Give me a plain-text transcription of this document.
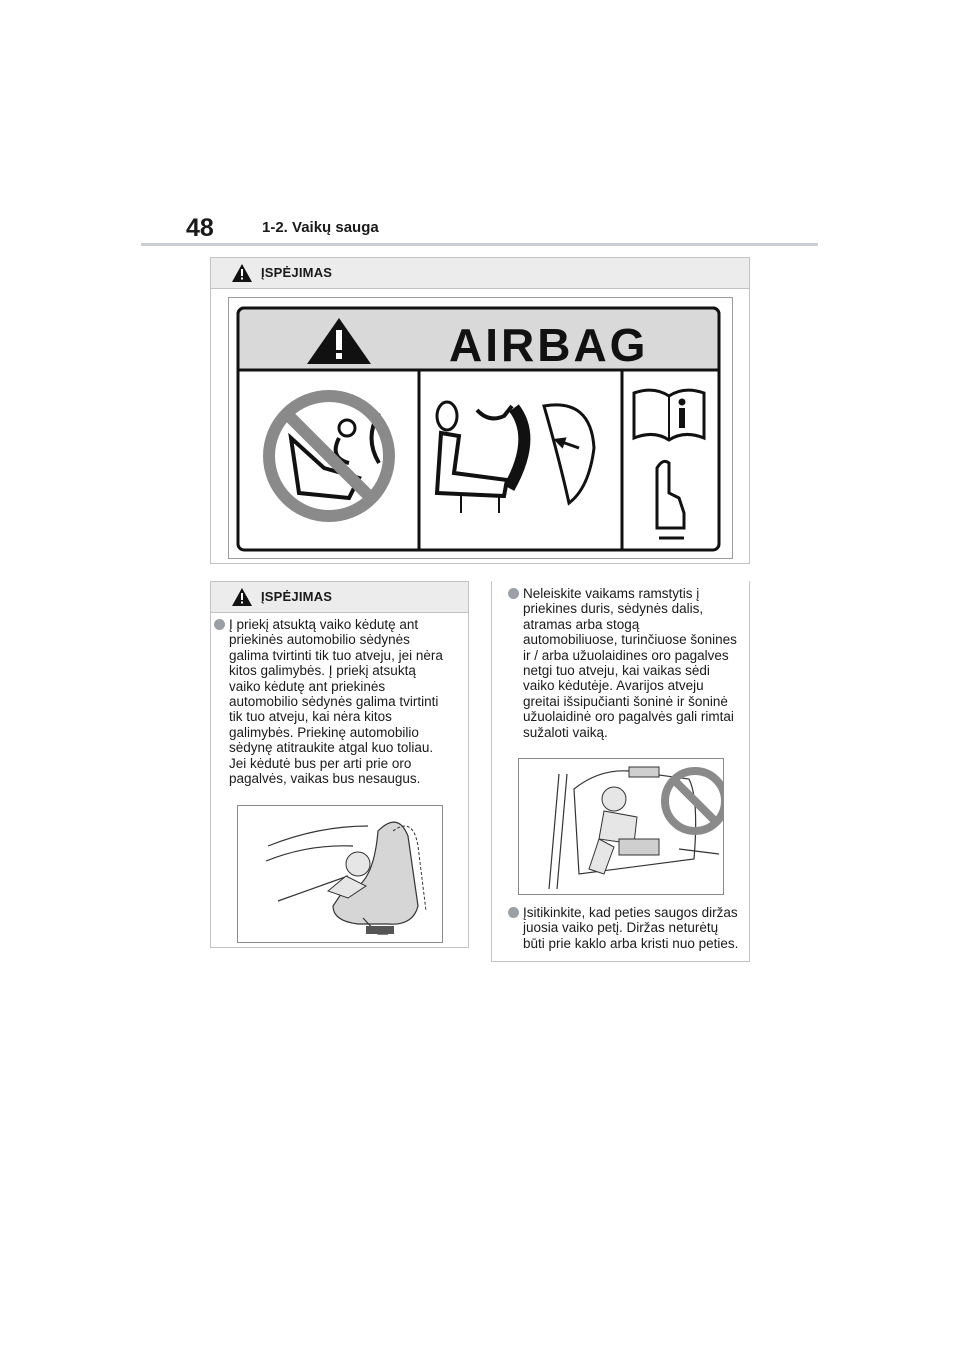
48	1-2. Vaikų sauga
ĮSPĖJIMAS
AIRBAG
ĮSPĖJIMAS
Į priekį atsuktą vaiko kėdutę ant
priekinės automobilio sėdynės
galima tvirtinti tik tuo atveju, jei nėra
kitos galimybės. Į priekį atsuktą
vaiko kėdutę ant priekinės
automobilio sėdynės galima tvirtinti
tik tuo atveju, kai nėra kitos
galimybės. Priekinę automobilio
sėdynę atitraukite atgal kuo toliau.
Jei kėdutė bus per arti prie oro
pagalvės, vaikas bus nesaugus.
Neleiskite vaikams ramstytis į
priekines duris, sėdynės dalis,
atramas arba stogą
automobiliuose, turinčiuose šonines
ir / arba užuolaidines oro pagalves
netgi tuo atveju, kai vaikas sėdi
vaiko kėdutėje. Avarijos atveju
greitai išsipučianti šoninė ir šoninė
užuolaidinė oro pagalvės gali rimtai
sužaloti vaiką.
Įsitikinkite, kad peties saugos diržas
juosia vaiko petį. Diržas neturėtų
būti prie kaklo arba kristi nuo peties.
